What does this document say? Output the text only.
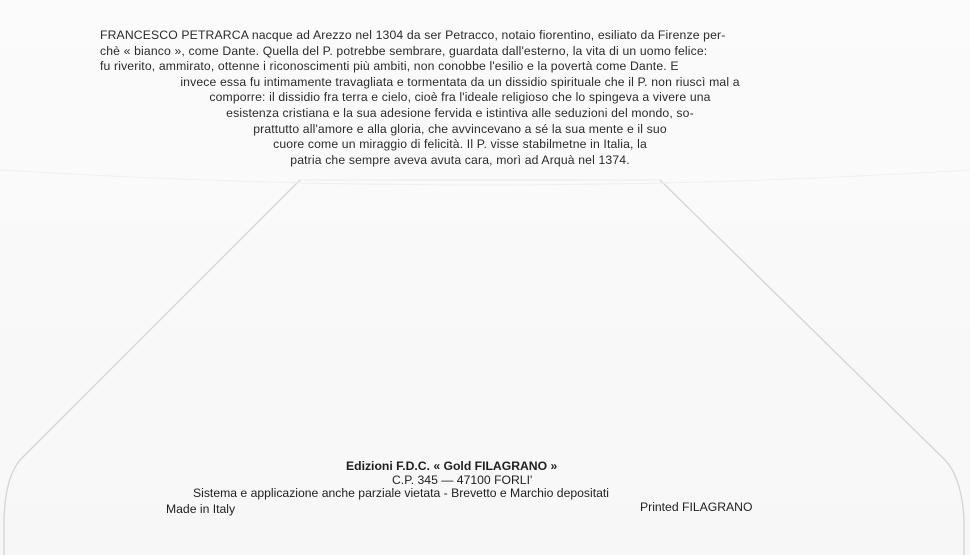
FRANCESCO PETRARCA nacque ad Arezzo nel 1304 da ser Petracco, notaio fiorentino, esiliato da Firenze per-
chè « bianco », come Dante. Quella del P. potrebbe sembrare, guardata dall'esterno, la vita di un uomo felice:
fu riverito, ammirato, ottenne i riconoscimenti più ambiti, non conobbe l'esilio e la povertà come Dante. E
invece essa fu intimamente travagliata e tormentata da un dissidio spirituale che il P. non riuscì mal a
comporre: il dissidio fra terra e cielo, cioè fra l'ideale religioso che lo spingeva a vivere una
esistenza cristiana e la sua adesione fervida e istintiva alle seduzioni del mondo, so-
prattutto all'amore e alla gloria, che avvincevano a sé la sua mente e il suo
cuore come un miraggio di felicità. Il P. visse stabilmetne in Italia, la
patria che sempre aveva avuta cara, morì ad Arquà nel 1374.
Edizioni F.D.C. « Gold FILAGRANO »
C.P. 345 — 47100 FORLI'
Sistema e applicazione anche parziale vietata - Brevetto e Marchio depositati
Made in Italy	Printed FILAGRANO
